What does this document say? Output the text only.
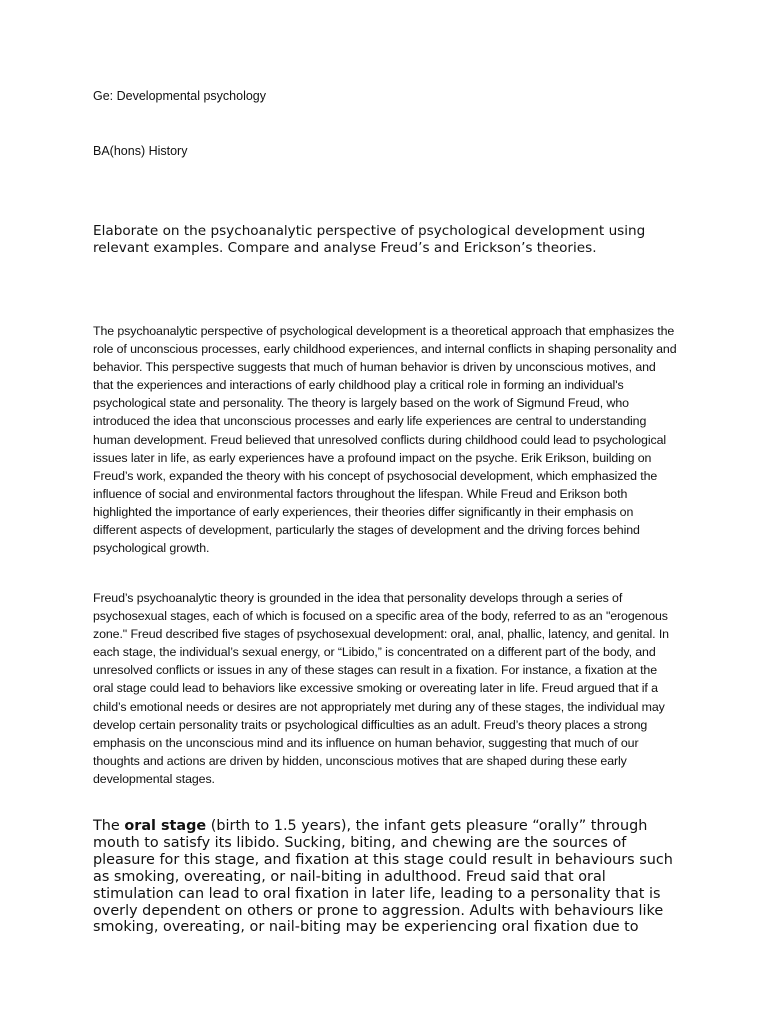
Ge: Developmental psychology

BA(hons) History

Elaborate on the psychoanalytic perspective of psychological development using relevant examples. Compare and analyse Freud’s and Erickson’s theories.

The psychoanalytic perspective of psychological development is a theoretical approach that emphasizes the role of unconscious processes, early childhood experiences, and internal conflicts in shaping personality and behavior. This perspective suggests that much of human behavior is driven by unconscious motives, and that the experiences and interactions of early childhood play a critical role in forming an individual's psychological state and personality. The theory is largely based on the work of Sigmund Freud, who introduced the idea that unconscious processes and early life experiences are central to understanding human development. Freud believed that unresolved conflicts during childhood could lead to psychological issues later in life, as early experiences have a profound impact on the psyche. Erik Erikson, building on Freud’s work, expanded the theory with his concept of psychosocial development, which emphasized the influence of social and environmental factors throughout the lifespan. While Freud and Erikson both highlighted the importance of early experiences, their theories differ significantly in their emphasis on different aspects of development, particularly the stages of development and the driving forces behind psychological growth.

Freud’s psychoanalytic theory is grounded in the idea that personality develops through a series of psychosexual stages, each of which is focused on a specific area of the body, referred to as an "erogenous zone." Freud described five stages of psychosexual development: oral, anal, phallic, latency, and genital. In each stage, the individual’s sexual energy, or “Libido,” is concentrated on a different part of the body, and unresolved conflicts or issues in any of these stages can result in a fixation. For instance, a fixation at the oral stage could lead to behaviors like excessive smoking or overeating later in life. Freud argued that if a child’s emotional needs or desires are not appropriately met during any of these stages, the individual may develop certain personality traits or psychological difficulties as an adult. Freud’s theory places a strong emphasis on the unconscious mind and its influence on human behavior, suggesting that much of our thoughts and actions are driven by hidden, unconscious motives that are shaped during these early developmental stages.

The oral stage (birth to 1.5 years), the infant gets pleasure “orally” through mouth to satisfy its libido. Sucking, biting, and chewing are the sources of pleasure for this stage, and fixation at this stage could result in behaviours such as smoking, overeating, or nail-biting in adulthood. Freud said that oral stimulation can lead to oral fixation in later life, leading to a personality that is overly dependent on others or prone to aggression. Adults with behaviours like smoking, overeating, or nail-biting may be experiencing oral fixation due to
